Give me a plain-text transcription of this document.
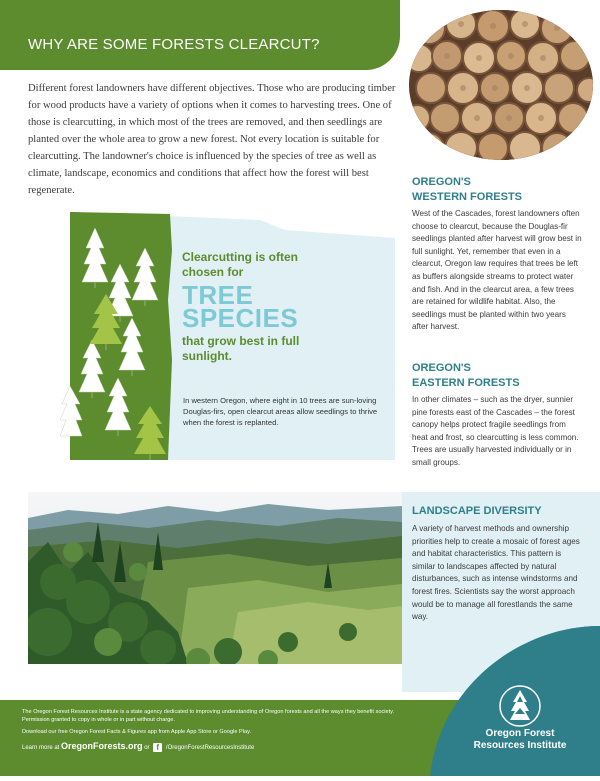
WHY ARE SOME FORESTS CLEARCUT?

Different forest landowners have different objectives. Those who are producing timber for wood products have a variety of options when it comes to harvesting trees. One of those is clearcutting, in which most of the trees are removed, and then seedlings are planted over the whole area to grow a new forest. Not every location is suitable for clearcutting. The landowner's choice is influenced by the species of tree as well as climate, landscape, economics and conditions that affect how the forest will best regenerate.

Clearcutting is often chosen for

TREE

SPECIES

that grow best in full sunlight.

In western Oregon, where eight in 10 trees are sun-loving Douglas-firs, open clearcut areas allow seedlings to thrive when the forest is replanted.

OREGON'S

WESTERN FORESTS

West of the Cascades, forest landowners often choose to clearcut, because the Douglas-fir seedlings planted after harvest will grow best in full sunlight. Yet, remember that even in a clearcut, Oregon law requires that trees be left as buffers alongside streams to protect water and fish. And in the clearcut area, a few trees are retained for wildlife habitat. Also, the seedlings must be planted within two years after harvest.

OREGON'S

EASTERN FORESTS

In other climates – such as the dryer, sunnier pine forests east of the Cascades – the forest canopy helps protect fragile seedlings from heat and frost, so clearcutting is less common. Trees are usually harvested individually or in small groups.

LANDSCAPE DIVERSITY

A variety of harvest methods and ownership priorities help to create a mosaic of forest ages and habitat characteristics. This pattern is similar to landscapes affected by natural disturbances, such as intense windstorms and forest fires. Scientists say the worst approach would be to manage all forestlands the same way.

The Oregon Forest Resources Institute is a state agency dedicated to improving understanding of Oregon forests and all the ways they benefit society. Permission granted to copy in whole or in part without charge.

Download our free Oregon Forest Facts & Figures app from Apple App Store or Google Play.

Learn more at OregonForests.org or f /OregonForestResourcesInstitute
Oregon Forest
Resources Institute
